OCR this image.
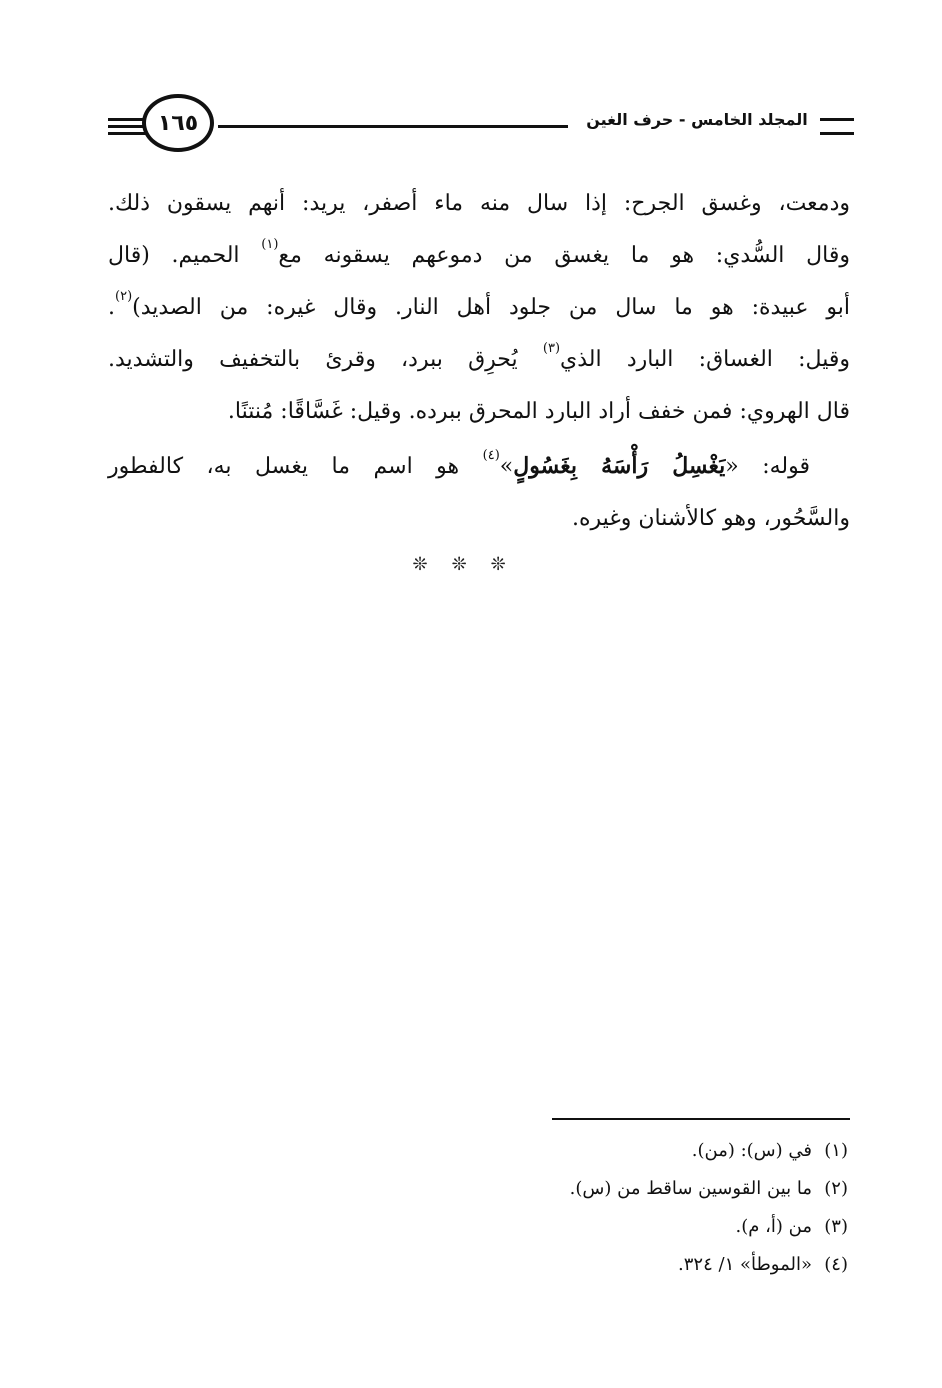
١٦٥	المجلد الخامس - حرف الغين
ودمعت، وغسق الجرح: إذا سال منه ماء أصفر، يريد: أنهم يسقون ذلك.
وقال السُّدي: هو ما يغسق من دموعهم يسقونه مع$^{(١)}$ الحميم. (قال
أبو عبيدة: هو ما سال من جلود أهل النار. وقال غيره: من الصديد)$^{(٢)}$.
وقيل: الغساق: البارد الذي$^{(٣)}$ يُحرِق ببرد، وقرئ بالتخفيف والتشديد.
قال الهروي: فمن خفف أراد البارد المحرق ببرده. وقيل: غَسَّاقًا: مُنتنًا.
قوله: «يَغْسِلُ رَأْسَهُ بِغَسُولٍ»$^{(٤)}$ هو اسم ما يغسل به، كالفطور
والسَّحُور، وهو كالأشنان وغيره.
❊❊❊
(١)
في (س): (من).
(٢)
ما بين القوسين ساقط من (س).
(٣)
من (أ، م).
(٤)
«الموطأ» ١/ ٣٢٤.
